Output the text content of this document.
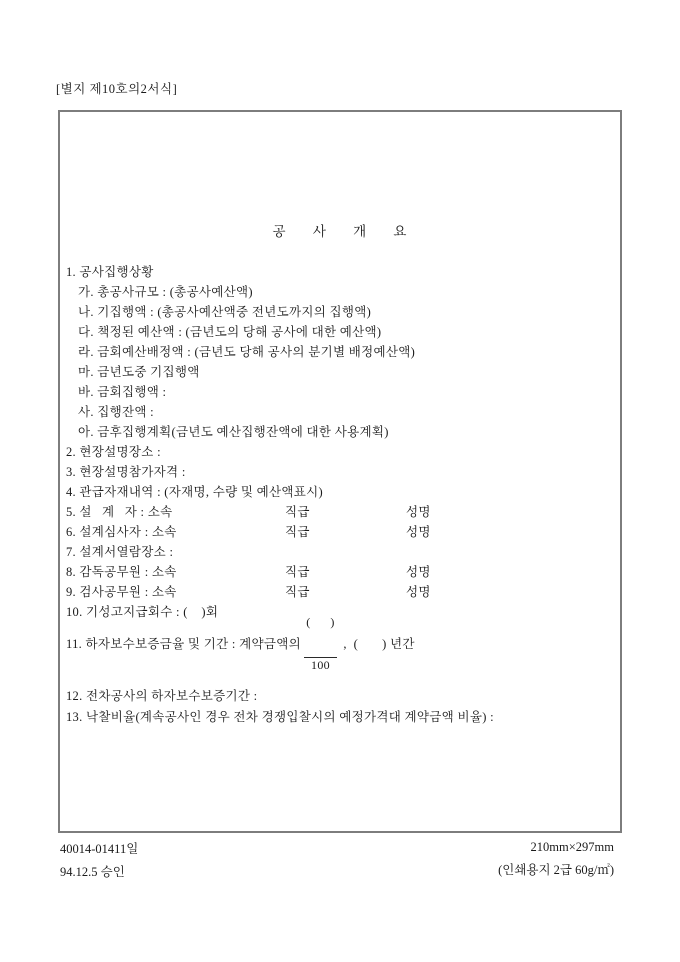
[별지 제10호의2서식]
공      사      개      요
1. 공사집행상황
가. 총공사규모 : (총공사예산액)
나. 기집행액 : (총공사예산액중 전년도까지의 집행액)
다. 책정된 예산액 : (금년도의 당해 공사에 대한 예산액)
라. 금회예산배정액 : (금년도 당해 공사의 분기별 배정예산액)
마. 금년도중 기집행액
바. 금회집행액 :
사. 집행잔액 :
아. 금후집행계획(금년도 예산집행잔액에 대한 사용계획)
2. 현장설명장소 :
3. 현장설명참가자격 :
4. 관급자재내역 : (자재명, 수량 및 예산액표시)
5. 설   계   자 : 소속	직급	성명
6. 설계심사자 : 소속	직급	성명
7. 설계서열람장소 :
8. 감독공무원 : 소속	직급	성명
9. 검사공무원 : 소속	직급	성명
10. 기성고지급회수 : (    )회
11. 하자보수보증금율 및 기간 : 계약금액의

$\frac{( )}{100}$

,  (       ) 년간
12. 전차공사의 하자보수보증기간 :
13. 낙찰비율(계속공사인 경우 전차 경쟁입찰시의 예정가격대 계약금액 비율) :
40014-01411일
94.12.5 승인
210mm×297mm
(인쇄용지 2급 60g/㎡)
